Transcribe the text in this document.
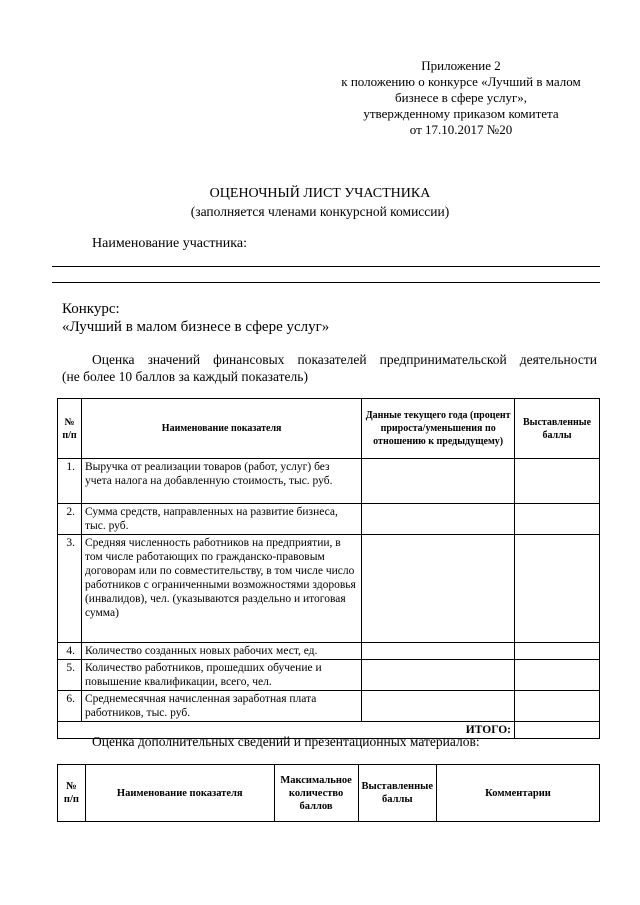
Приложение 2
к положению о конкурсе «Лучший в малом
бизнесе в сфере услуг»,
утвержденному приказом комитета
от 17.10.2017 №20
ОЦЕНОЧНЫЙ ЛИСТ УЧАСТНИКА
(заполняется членами конкурсной комиссии)
Наименование участника:
Конкурс:
«Лучший в малом бизнесе в сфере услуг»
Оценка значений финансовых показателей предпринимательской деятельности
(не более 10 баллов за каждый показатель)
№ п/п	Наименование показателя	Данные текущего года (процент прироста/уменьшения по отношению к предыдущему)	Выставленные баллы
1.	Выручка от реализации товаров (работ, услуг) без учета налога на добавленную стоимость, тыс. руб.		
2.	Сумма средств, направленных на развитие бизнеса, тыс. руб.		
3.	Средняя численность работников на предприятии, в том числе работающих по гражданско-правовым договорам или по совместительству, в том числе число работников с ограниченными возможностями здоровья (инвалидов), чел. (указываются раздельно и итоговая сумма)		
4.	Количество созданных новых рабочих мест, ед.		
5.	Количество работников, прошедших обучение и повышение квалификации, всего, чел.		
6.	Среднемесячная начисленная заработная плата работников, тыс. руб.		
ИТОГО:			
Оценка дополнительных сведений и презентационных материалов:
№ п/п	Наименование показателя	Максимальное количество баллов	Выставленные баллы	Комментарии
